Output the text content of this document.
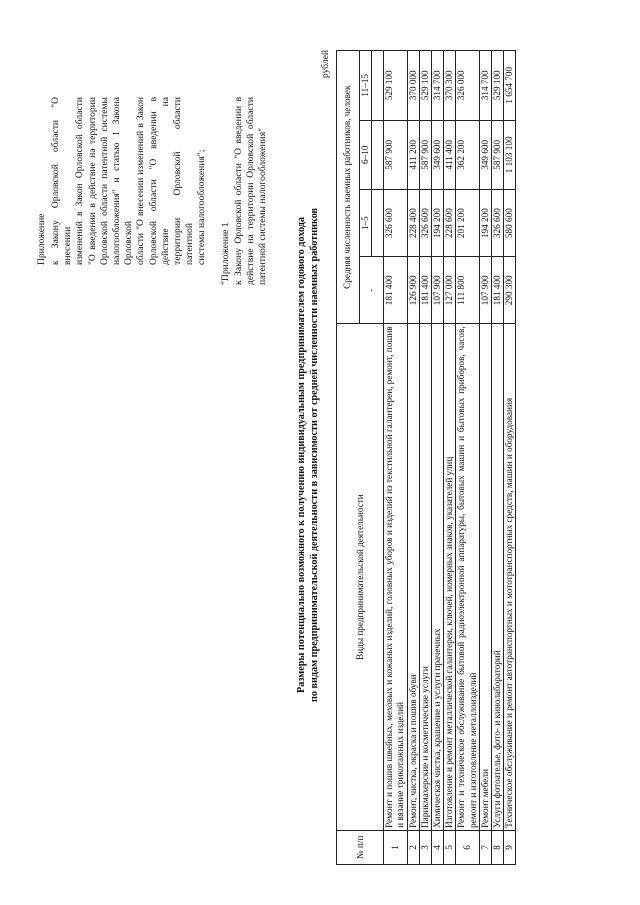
Приложение к Закону Орловской области "О внесении изменений в Закон Орловской области "О введении в действие на территории Орловской области патентной системы налогообложения" и статью 1 Закона Орловской области "О внесении изменений в Закон Орловской области "О введении в действие на территории Орловской области патентной системы налогообложения"; "Приложение 1 к Закону Орловской области "О введении в действие на территории Орловской области патентной системы налогообложения"
Размеры потенциально возможного к получению индивидуальным предпринимателем годового дохода по видам предпринимательской деятельности в зависимости от средней численности наемных работников
рублей
№ п/п	Виды предпринимательской деятельности	Средняя численность наемных работников, человек			
		-	1–5	6–10	11–15

1	Ремонт и пошив швейных, меховых и кожаных изделий, головных уборов и изделий из текстильной галантереи, ремонт, пошив и вязание трикотажных изделий	181 400	326 600	587 900	529 100
2	Ремонт, чистка, окраска и пошив обуви	126 900	228 400	411 200	370 000
3	Парикмахерские и косметические услуги	181 400	326 600	587 900	529 100
4	Химическая чистка, крашение и услуги прачечных	107 900	194 200	349 600	314 700
5	Изготовление и ремонт металлической галантереи, ключей, номерных знаков, указателей улиц	127 000	228 600	411 400	370 300
6	Ремонт и техническое обслуживание бытовой радиоэлектронной аппаратуры, бытовых машин и бытовых приборов, часов, ремонт и изготовление металлоизделий	111 800	201 200	362 200	326 000
7	Ремонт мебели	107 900	194 200	349 600	314 700
8	Услуги фотоателье, фото- и кинолабораторий	181 400	326 600	587 900	529 100
9	Техническое обслуживание и ремонт автотранспортных и мототранспортных средств, машин и оборудования	290 300	580 600	1 103 100	1 654 700
